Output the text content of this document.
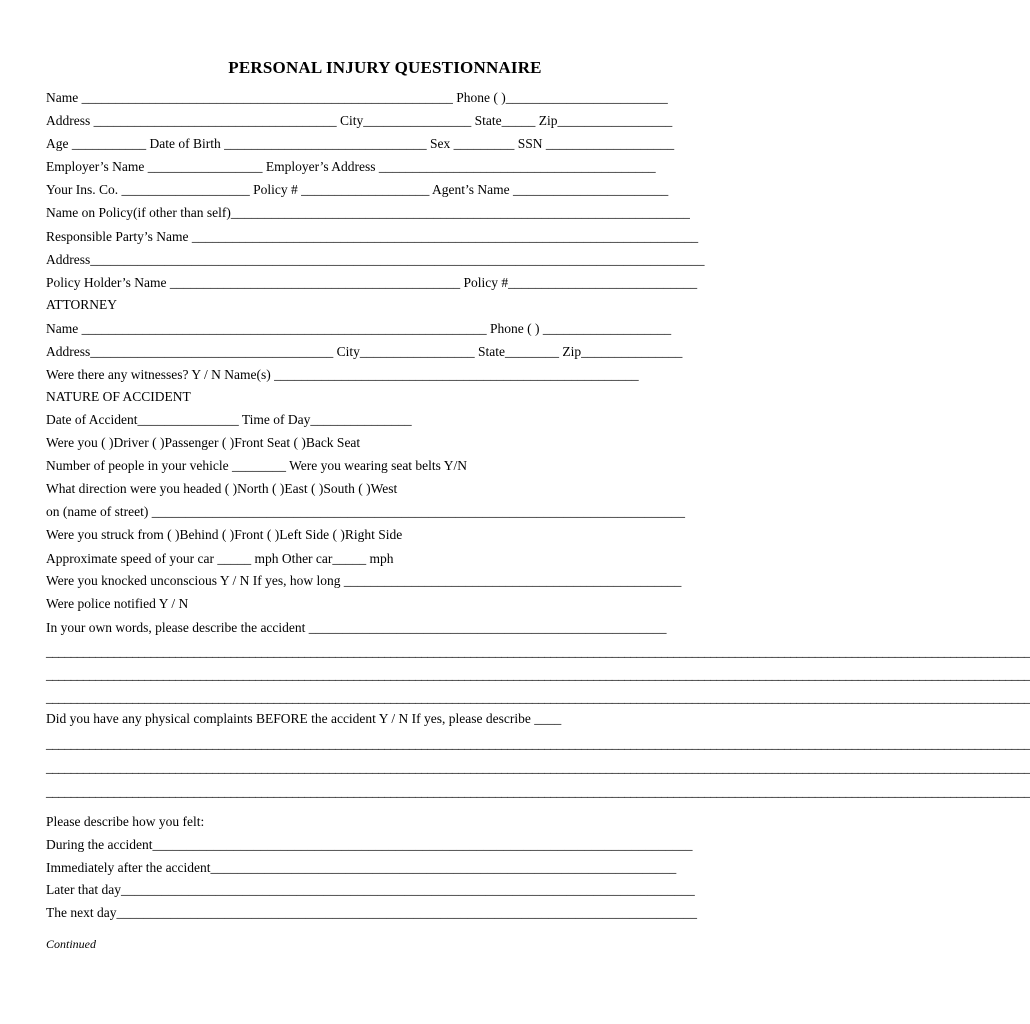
PERSONAL INJURY QUESTIONNAIRE
Name _______________________________________________________ Phone ( )________________________
Address ____________________________________ City________________ State_____ Zip_________________
Age ___________ Date of Birth ______________________________ Sex _________ SSN ___________________
Employer’s Name _________________ Employer’s Address _________________________________________
Your Ins. Co. ___________________ Policy # ___________________ Agent’s Name _______________________
Name on Policy(if other than self)____________________________________________________________________
Responsible Party’s Name ___________________________________________________________________________
Address___________________________________________________________________________________________
Policy Holder’s Name ___________________________________________ Policy #____________________________
ATTORNEY
Name ____________________________________________________________ Phone ( ) ___________________
Address____________________________________ City_________________ State________ Zip_______________
Were there any witnesses? Y / N Name(s) ______________________________________________________
NATURE OF ACCIDENT
Date of Accident_______________ Time of Day_______________
Were you ( )Driver ( )Passenger ( )Front Seat ( )Back Seat
Number of people in your vehicle ________ Were you wearing seat belts Y/N
What direction were you headed ( )North ( )East ( )South ( )West
on (name of street) _______________________________________________________________________________
Were you struck from ( )Behind ( )Front ( )Left Side ( )Right Side
Approximate speed of your car _____ mph Other car_____ mph
Were you knocked unconscious Y / N If yes, how long __________________________________________________
Were police notified Y / N
In your own words, please describe the accident _____________________________________________________
________________________________________________________________________________________________________________________________________________________________
________________________________________________________________________________________________________________________________________________________________
________________________________________________________________________________________________________________________________________________________________
Did you have any physical complaints BEFORE the accident Y / N If yes, please describe ____
________________________________________________________________________________________________________________________________________________________________
________________________________________________________________________________________________________________________________________________________________
________________________________________________________________________________________________________________________________________________________________
Please describe how you felt:
During the accident________________________________________________________________________________
Immediately after the accident_____________________________________________________________________
Later that day_____________________________________________________________________________________
The next day______________________________________________________________________________________
Continued
